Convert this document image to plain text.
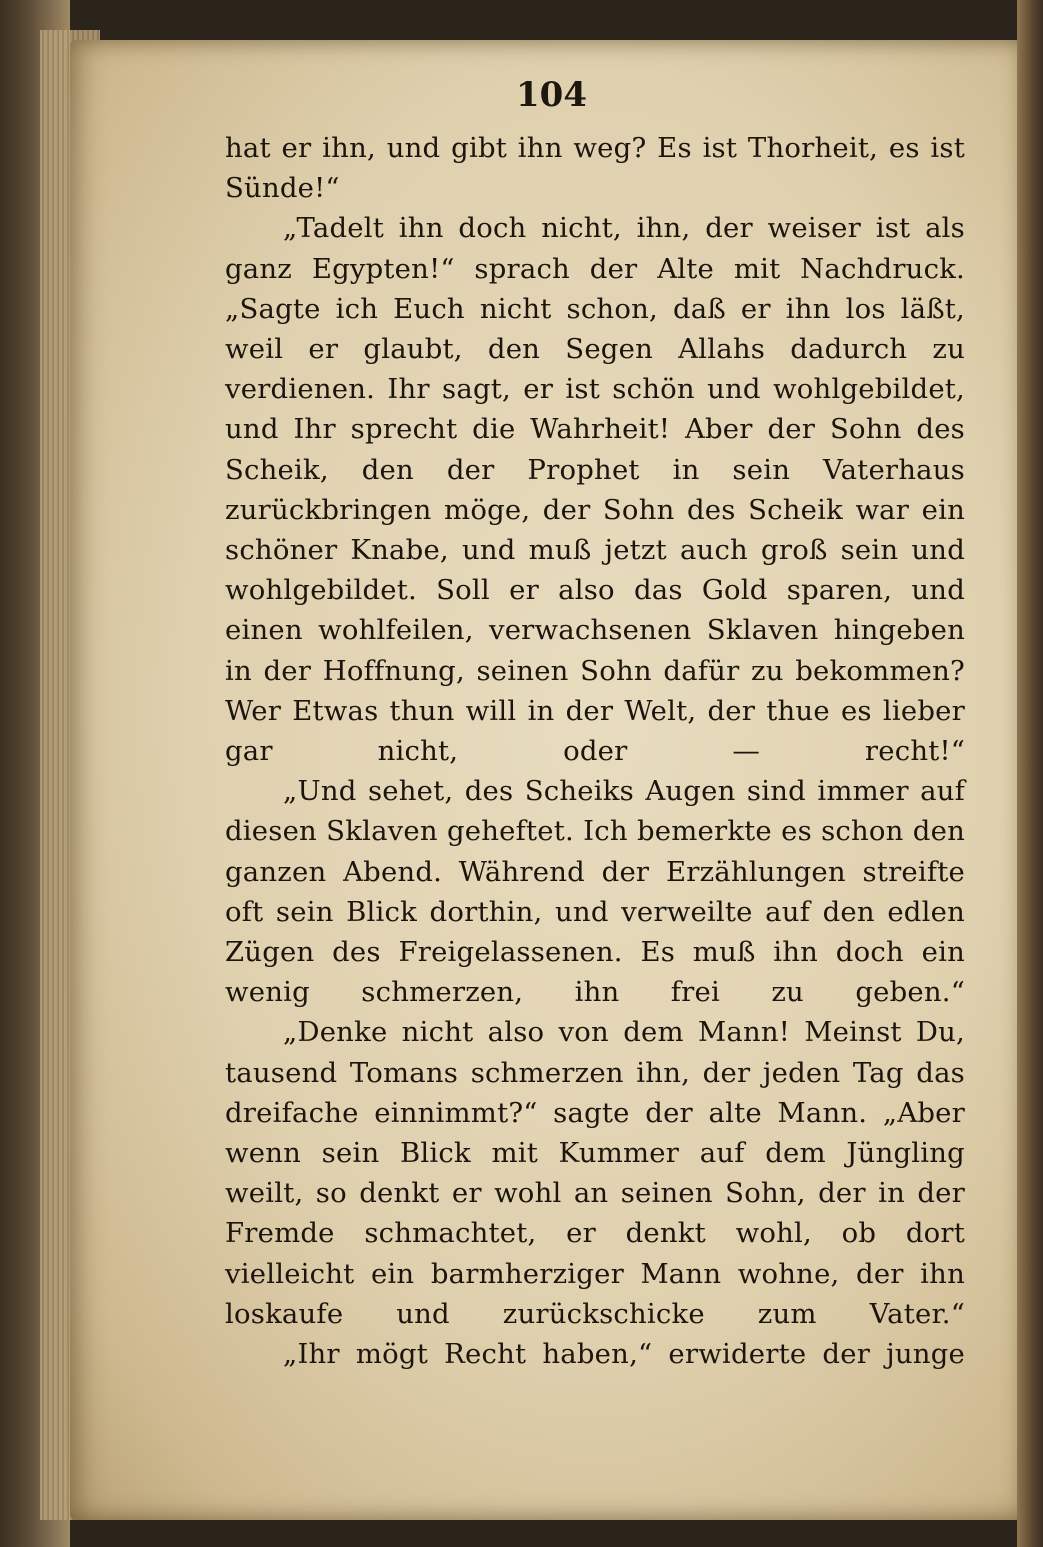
104

hat er ihn, und gibt ihn weg? Es ist Thorheit, es ist Sünde!“

„Tadelt ihn doch nicht, ihn, der weiser ist als ganz Egypten!“ sprach der Alte mit Nachdruck. „Sagte ich Euch nicht schon, daß er ihn los läßt, weil er glaubt, den Segen Allahs dadurch zu verdienen. Ihr sagt, er ist schön und wohlgebildet, und Ihr sprecht die Wahrheit! Aber der Sohn des Scheik, den der Prophet in sein Vaterhaus zurückbringen möge, der Sohn des Scheik war ein schöner Knabe, und muß jetzt auch groß sein und wohlgebildet. Soll er also das Gold sparen, und einen wohlfeilen, verwachsenen Sklaven hingeben in der Hoffnung, seinen Sohn dafür zu bekommen? Wer Etwas thun will in der Welt, der thue es lieber gar nicht, oder — recht!“

„Und sehet, des Scheiks Augen sind immer auf diesen Sklaven geheftet. Ich bemerkte es schon den ganzen Abend. Während der Erzählungen streifte oft sein Blick dorthin, und verweilte auf den edlen Zügen des Freigelassenen. Es muß ihn doch ein wenig schmerzen, ihn frei zu geben.“

„Denke nicht also von dem Mann! Meinst Du, tausend Tomans schmerzen ihn, der jeden Tag das dreifache einnimmt?“ sagte der alte Mann. „Aber wenn sein Blick mit Kummer auf dem Jüngling weilt, so denkt er wohl an seinen Sohn, der in der Fremde schmachtet, er denkt wohl, ob dort vielleicht ein barmherziger Mann wohne, der ihn loskaufe und zurückschicke zum Vater.“

„Ihr mögt Recht haben,“ erwiderte der junge
